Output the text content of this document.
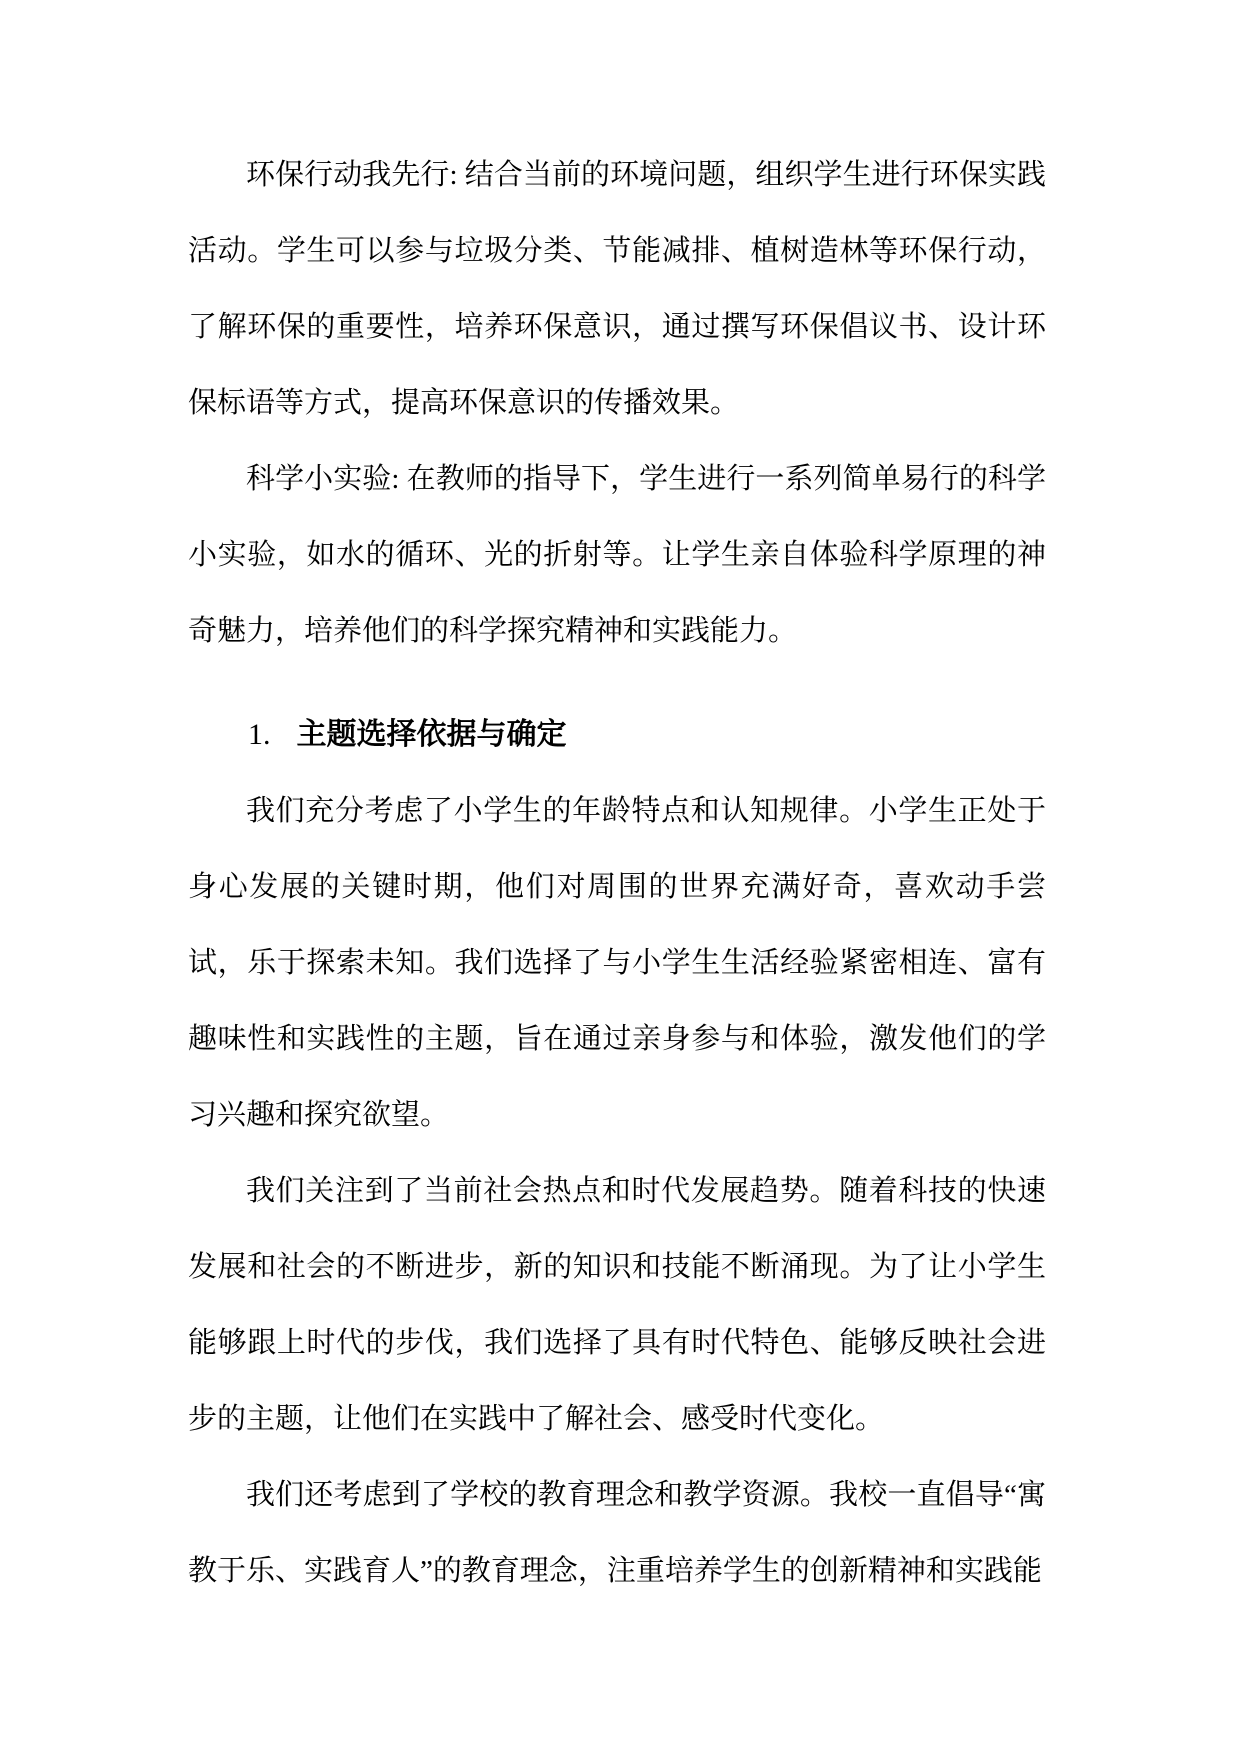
环保行动我先行: 结合当前的环境问题，组织学生进行环保实践活动。学生可以参与垃圾分类、节能减排、植树造林等环保行动，了解环保的重要性，培养环保意识，通过撰写环保倡议书、设计环保标语等方式，提高环保意识的传播效果。

科学小实验: 在教师的指导下，学生进行一系列简单易行的科学小实验，如水的循环、光的折射等。让学生亲自体验科学原理的神奇魅力，培养他们的科学探究精神和实践能力。

1. 主题选择依据与确定

我们充分考虑了小学生的年龄特点和认知规律。小学生正处于身心发展的关键时期，他们对周围的世界充满好奇，喜欢动手尝试，乐于探索未知。我们选择了与小学生生活经验紧密相连、富有趣味性和实践性的主题，旨在通过亲身参与和体验，激发他们的学习兴趣和探究欲望。

我们关注到了当前社会热点和时代发展趋势。随着科技的快速发展和社会的不断进步，新的知识和技能不断涌现。为了让小学生能够跟上时代的步伐，我们选择了具有时代特色、能够反映社会进步的主题，让他们在实践中了解社会、感受时代变化。

我们还考虑到了学校的教育理念和教学资源。我校一直倡导“寓教于乐、实践育人”的教育理念，注重培养学生的创新精神和实践能
